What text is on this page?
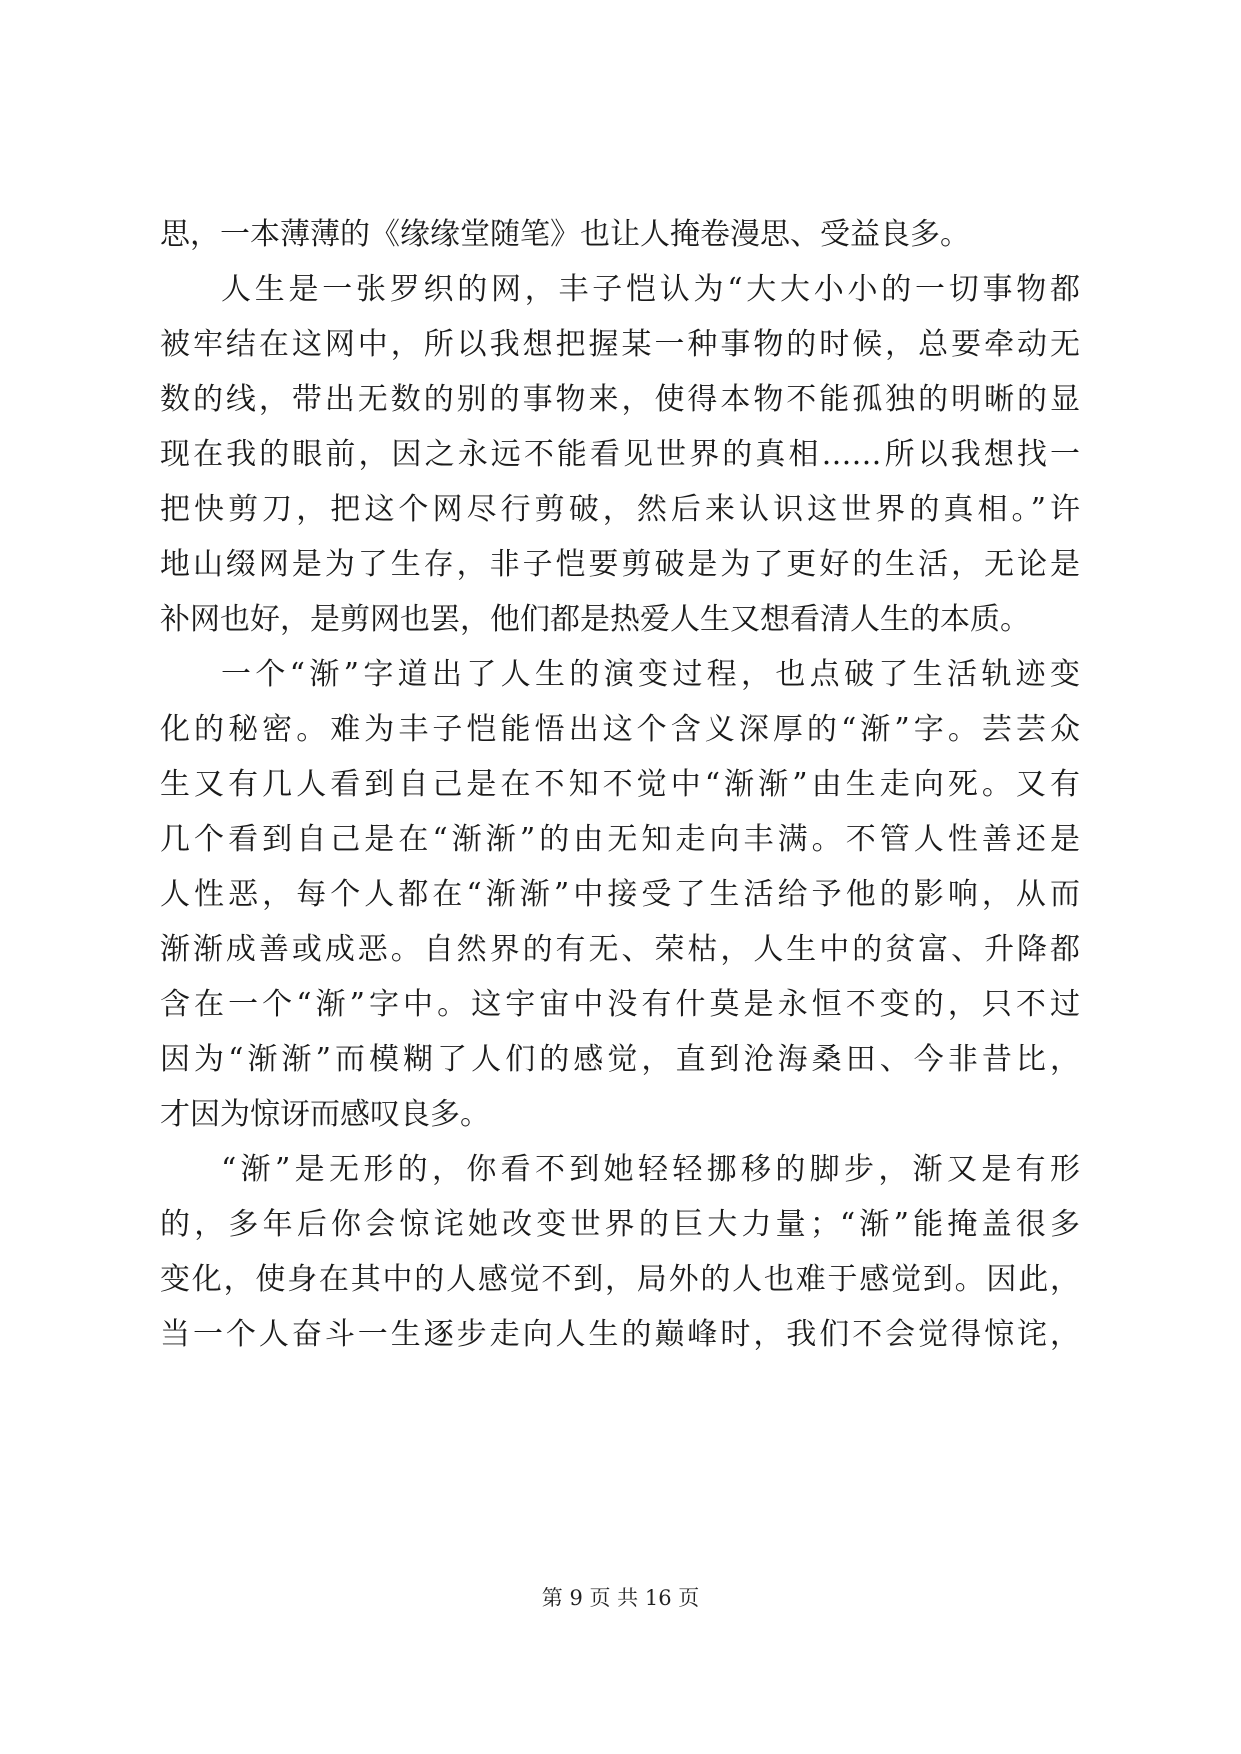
思，一本薄薄的《缘缘堂随笔》也让人掩卷漫思、受益良多。
人生是一张罗织的网，丰子恺认为“大大小小的一切事物都
被牢结在这网中，所以我想把握某一种事物的时候，总要牵动无
数的线，带出无数的别的事物来，使得本物不能孤独的明晰的显
现在我的眼前，因之永远不能看见世界的真相……所以我想找一
把快剪刀，把这个网尽行剪破，然后来认识这世界的真相。”许
地山缀网是为了生存，非子恺要剪破是为了更好的生活，无论是
补网也好，是剪网也罢，他们都是热爱人生又想看清人生的本质。
一个“渐”字道出了人生的演变过程，也点破了生活轨迹变
化的秘密。难为丰子恺能悟出这个含义深厚的“渐”字。芸芸众
生又有几人看到自己是在不知不觉中“渐渐”由生走向死。又有
几个看到自己是在“渐渐”的由无知走向丰满。不管人性善还是
人性恶，每个人都在“渐渐”中接受了生活给予他的影响，从而
渐渐成善或成恶。自然界的有无、荣枯，人生中的贫富、升降都
含在一个“渐”字中。这宇宙中没有什莫是永恒不变的，只不过
因为“渐渐”而模糊了人们的感觉，直到沧海桑田、今非昔比，
才因为惊讶而感叹良多。
“渐”是无形的，你看不到她轻轻挪移的脚步，渐又是有形
的，多年后你会惊诧她改变世界的巨大力量；“渐”能掩盖很多
变化，使身在其中的人感觉不到，局外的人也难于感觉到。因此，
当一个人奋斗一生逐步走向人生的巅峰时，我们不会觉得惊诧，
第 9 页 共 16 页
